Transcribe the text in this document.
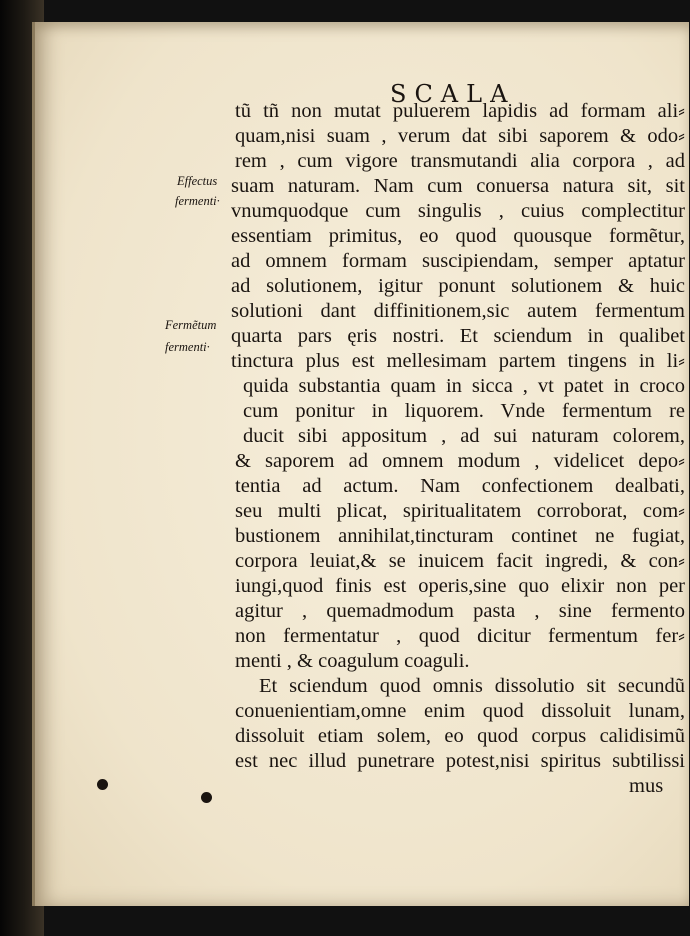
SCALA
Effectus
fermenti·
Fermẽtum
fermenti·
tũ tñ non mutat puluerem lapidis ad formam ali⸗
quam,nisi suam , verum dat sibi saporem & odo⸗
rem , cum vigore transmutandi alia corpora , ad
suam naturam. Nam cum conuersa natura sit, sit
vnumquodque cum singulis , cuius complectitur
essentiam primitus, eo quod quousque formẽtur,
ad omnem formam suscipiendam, semper aptatur
ad solutionem, igitur ponunt solutionem & huic
solutioni dant diffinitionem,sic autem fermentum
quarta pars ęris nostri. Et sciendum in qualibet
tinctura plus est mellesimam partem tingens in li⸗
quida substantia quam in sicca , vt patet in croco
cum ponitur in liquorem. Vnde fermentum re
ducit sibi appositum , ad sui naturam colorem,
& saporem ad omnem modum , videlicet depo⸗
tentia ad actum. Nam confectionem dealbati,
seu multi plicat, spiritualitatem corroborat, com⸗
bustionem annihilat,tincturam continet ne fugiat,
corpora leuiat,& se inuicem facit ingredi, & con⸗
iungi,quod finis est operis,sine quo elixir non per
agitur , quemadmodum pasta , sine fermento
non fermentatur , quod dicitur fermentum fer⸗
menti , & coagulum coaguli.
Et sciendum quod omnis dissolutio sit secundũ
conuenientiam,omne enim quod dissoluit lunam,
dissoluit etiam solem, eo quod corpus calidisimũ
est nec illud punetrare potest,nisi spiritus subtilissi
mus
